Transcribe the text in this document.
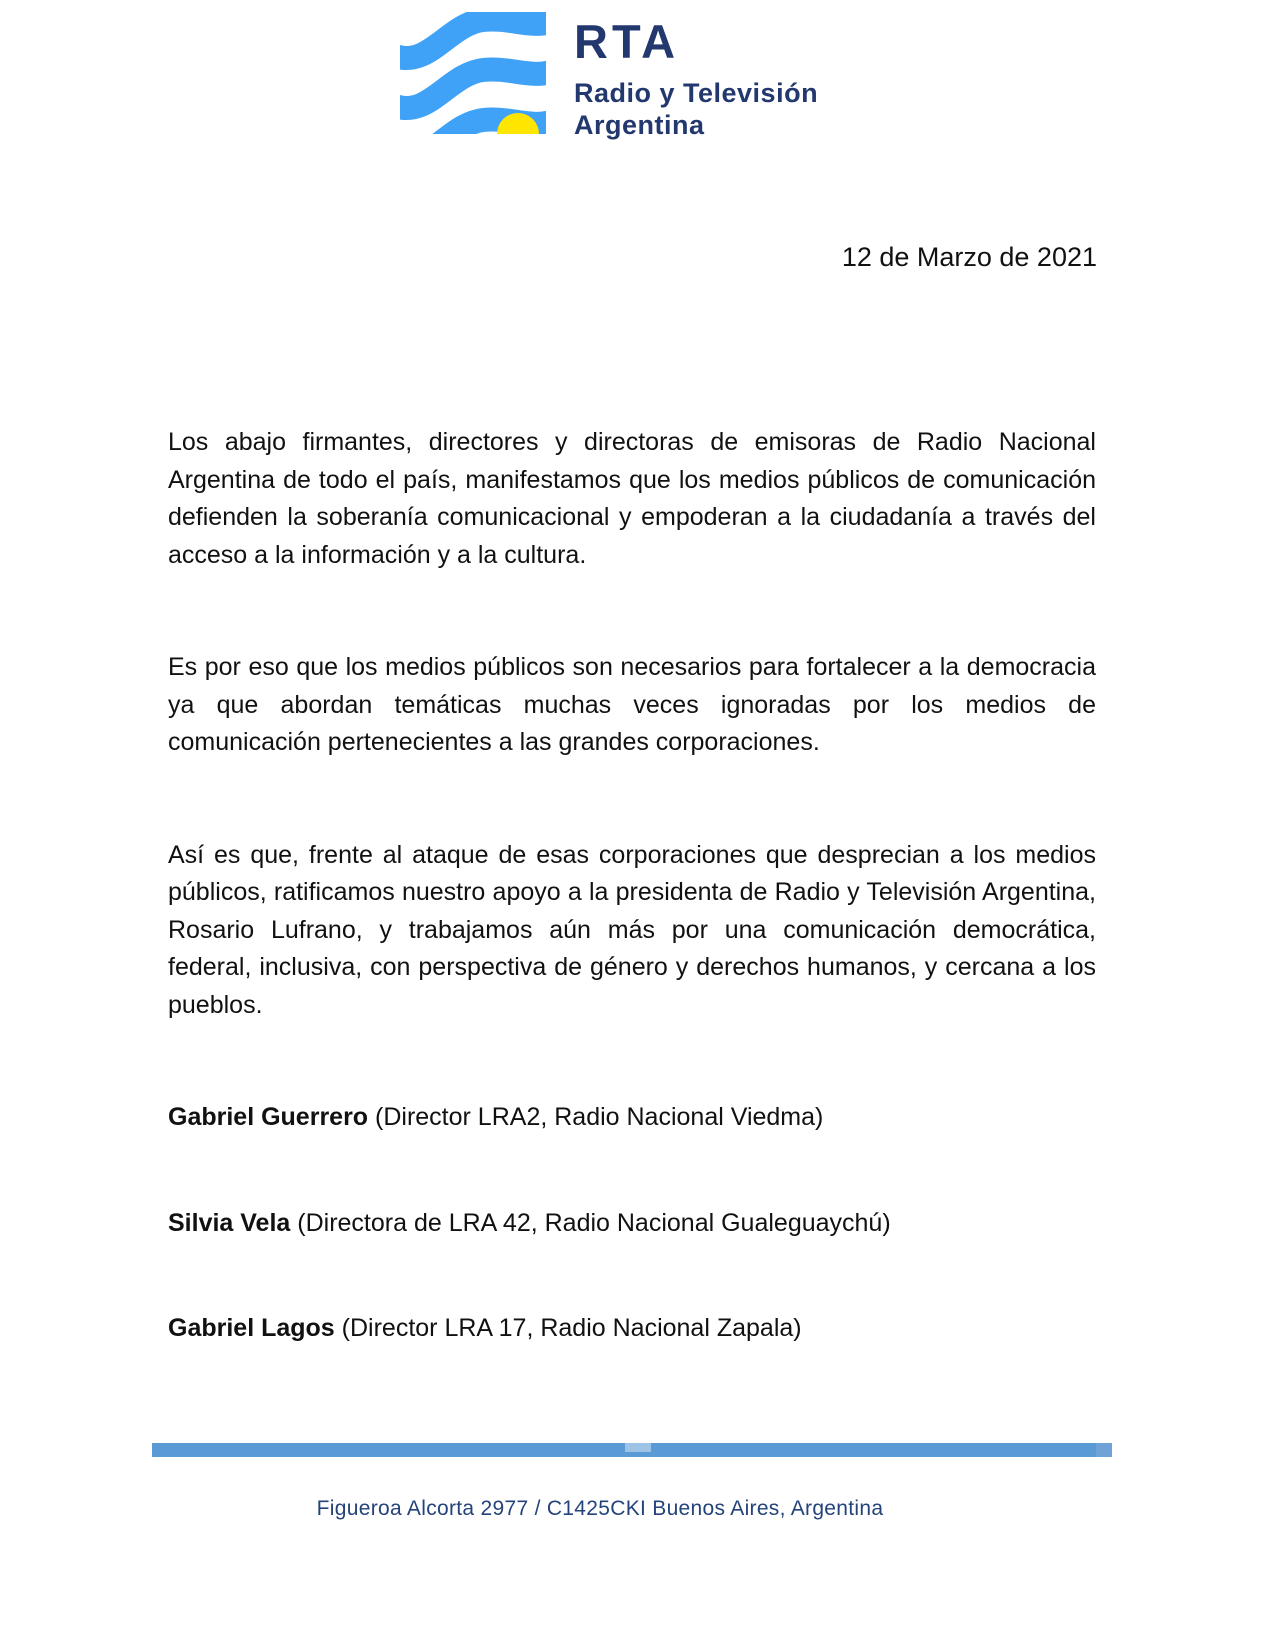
RTA
Radio y Televisión
Argentina
12 de Marzo de 2021

Los abajo firmantes, directores y directoras de emisoras de Radio Nacional Argentina de todo el país, manifestamos que los medios públicos de comunicación defienden la soberanía comunicacional y empoderan a la ciudadanía a través del acceso a la información y a la cultura.

Es por eso que los medios públicos son necesarios para fortalecer a la democracia ya que abordan temáticas muchas veces ignoradas por los medios de comunicación pertenecientes a las grandes corporaciones.

Así es que, frente al ataque de esas corporaciones que desprecian a los medios públicos, ratificamos nuestro apoyo a la presidenta de Radio y Televisión Argentina, Rosario Lufrano, y trabajamos aún más por una comunicación democrática, federal, inclusiva, con perspectiva de género y derechos humanos, y cercana a los pueblos.

Gabriel Guerrero (Director LRA2, Radio Nacional Viedma)

Silvia Vela (Directora de LRA 42, Radio Nacional Gualeguaychú)

Gabriel Lagos (Director LRA 17, Radio Nacional Zapala)

Figueroa Alcorta 2977 / C1425CKI Buenos Aires, Argentina
